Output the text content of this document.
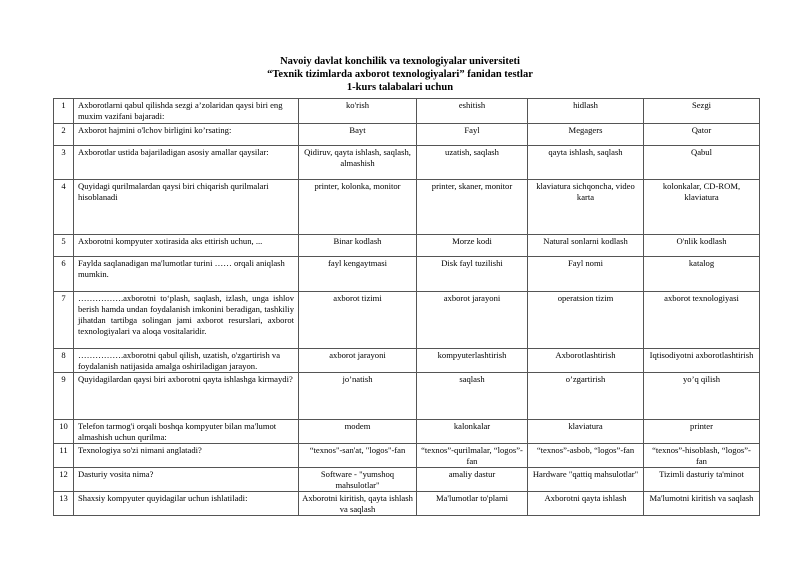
Navoiy davlat konchilik va texnologiyalar universiteti
“Texnik tizimlarda axborot texnologiyalari” fanidan testlar
1-kurs talabalari uchun
1	Axborotlarni qabul qilishda sezgi a’zolaridan qaysi biri eng muxim vazifani bajaradi:	ko'rish	eshitish	hidlash	Sezgi
2	Axborot hajmini o'lchov birligini ko’rsating:	Bayt	Fayl	Megagers	Qator
3	Axborotlar ustida bajariladigan asosiy amallar qaysilar:	Qidiruv, qayta ishlash, saqlash, almashish	uzatish, saqlash	qayta ishlash, saqlash	Qabul
4	Quyidagi qurilmalardan qaysi biri chiqarish qurilmalari hisoblanadi	printer, kolonka, monitor	printer, skaner, monitor	klaviatura sichqoncha, video karta	kolonkalar, CD-ROM, klaviatura
5	Axborotni kompyuter xotirasida aks ettirish uchun, ...	Binar kodlash	Morze kodi	Natural sonlarni kodlash	O'nlik kodlash
6	Faylda saqlanadigan ma'lumotlar turini …… orqali aniqlash mumkin.	fayl kengaytmasi	Disk fayl tuzilishi	Fayl nomi	katalog
7	…………….axborotni to‘plash, saqlash, izlash, unga ishlov berish hamda undan foydalanish imkonini beradigan, tashkiliy jihatdan tartibga solingan jami axborot resurslari, axborot texnologiyalari va aloqa vositalaridir.	axborot tizimi	axborot jarayoni	operatsion tizim	axborot texnologiyasi
8	…………….axborotni qabul qilish, uzatish, o'zgartirish va foydalanish natijasida amalga oshiriladigan jarayon.	axborot jarayoni	kompyuterlashtirish	Axborotlashtirish	Iqtisodiyotni axborotlashtirish
9	Quyidagilardan qaysi biri axborotni qayta ishlashga kirmaydi?	jo’natish	saqlash	o’zgartirish	yo’q qilish
10	Telefon tarmog'i orqali boshqa kompyuter bilan ma'lumot almashish uchun qurilma:	modem	kalonkalar	klaviatura	printer
11	Texnologiya so'zi nimani anglatadi?	“texnos"-san'at, "logos"-fan	“texnos”-qurilmalar, “logos”-fan	“texnos”-asbob, “logos”-fan	“texnos”-hisoblash, “logos”-fan
12	Dasturiy vosita nima?	Software - "yumshoq mahsulotlar"	amaliy dastur	Hardware "qattiq mahsulotlar"	Tizimli dasturiy ta'minot
13	Shaxsiy kompyuter quyidagilar uchun ishlatiladi:	Axborotni kiritish, qayta ishlash va saqlash	Ma'lumotlar to'plami	Axborotni qayta ishlash	Ma'lumotni kiritish va saqlash
